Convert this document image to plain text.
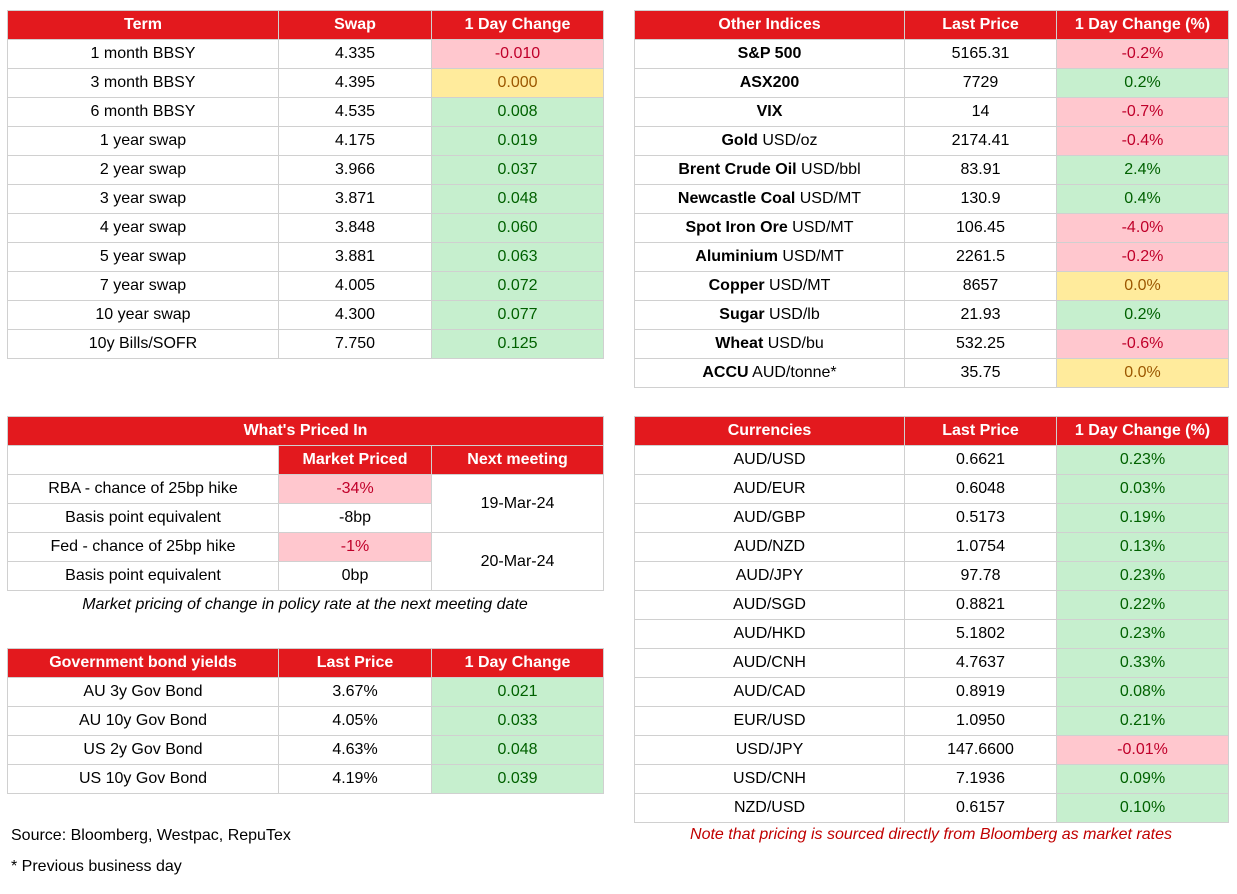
Term	Swap	1 Day Change
1 month BBSY	4.335	-0.010
3 month BBSY	4.395	0.000
6 month BBSY	4.535	0.008
1 year swap	4.175	0.019
2 year swap	3.966	0.037
3 year swap	3.871	0.048
4 year swap	3.848	0.060
5 year swap	3.881	0.063
7 year swap	4.005	0.072
10 year swap	4.300	0.077
10y Bills/SOFR	7.750	0.125
Other Indices	Last Price	1 Day Change (%)
S&P 500	5165.31	-0.2%
ASX200	7729	0.2%
VIX	14	-0.7%
Gold USD/oz	2174.41	-0.4%
Brent Crude Oil USD/bbl	83.91	2.4%
Newcastle Coal USD/MT	130.9	0.4%
Spot Iron Ore USD/MT	106.45	-4.0%
Aluminium USD/MT	2261.5	-0.2%
Copper USD/MT	8657	0.0%
Sugar USD/lb	21.93	0.2%
Wheat USD/bu	532.25	-0.6%
ACCU AUD/tonne*	35.75	0.0%
What's Priced In		
	Market Priced	Next meeting
RBA - chance of 25bp hike	-34%	19-Mar-24
Basis point equivalent	-8bp	
Fed - chance of 25bp hike	-1%	20-Mar-24
Basis point equivalent	0bp	
Market pricing of change in policy rate at the next meeting date
Government bond yields	Last Price	1 Day Change
AU 3y Gov Bond	3.67%	0.021
AU 10y Gov Bond	4.05%	0.033
US 2y Gov Bond	4.63%	0.048
US 10y Gov Bond	4.19%	0.039
Currencies	Last Price	1 Day Change (%)
AUD/USD	0.6621	0.23%
AUD/EUR	0.6048	0.03%
AUD/GBP	0.5173	0.19%
AUD/NZD	1.0754	0.13%
AUD/JPY	97.78	0.23%
AUD/SGD	0.8821	0.22%
AUD/HKD	5.1802	0.23%
AUD/CNH	4.7637	0.33%
AUD/CAD	0.8919	0.08%
EUR/USD	1.0950	0.21%
USD/JPY	147.6600	-0.01%
USD/CNH	7.1936	0.09%
NZD/USD	0.6157	0.10%
Source: Bloomberg, Westpac, RepuTex
* Previous business day
Note that pricing is sourced directly from Bloomberg as market rates
